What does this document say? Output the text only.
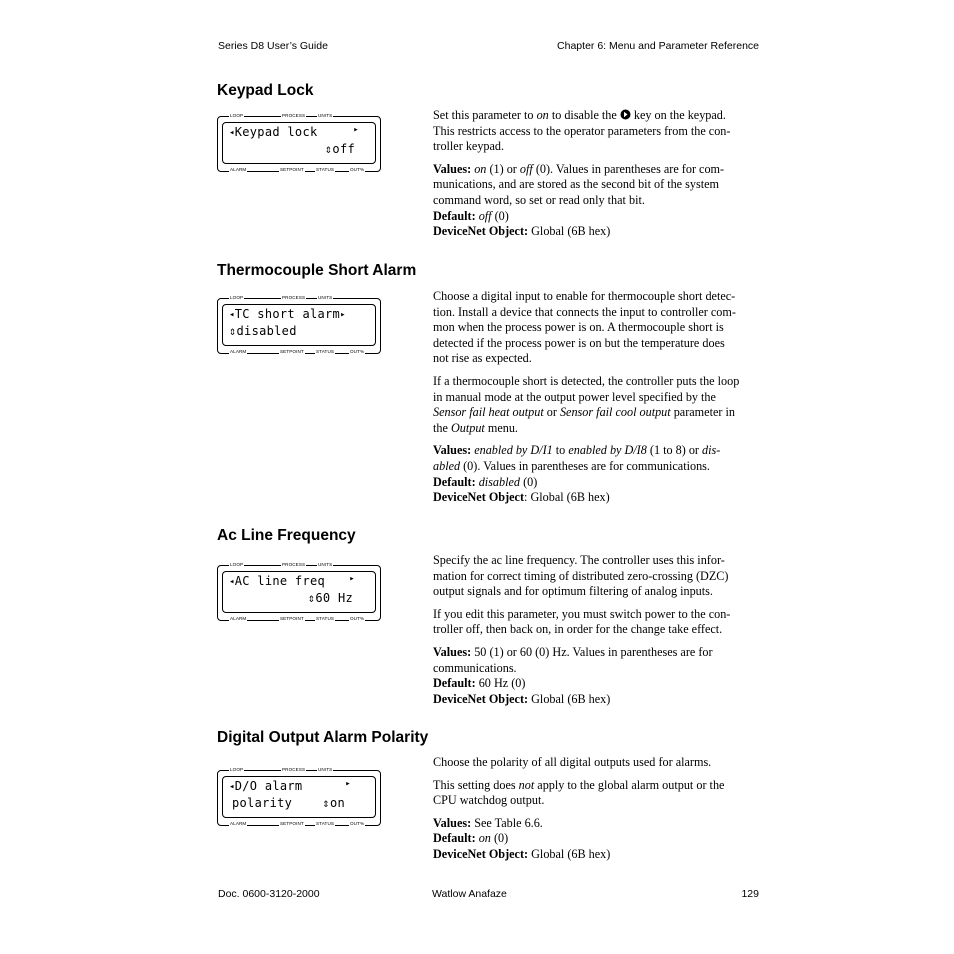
Series D8 User’s Guide	Chapter 6: Menu and Parameter Reference
Keypad Lock
LOOP	PROCESS	UNITS
ALARM	SETPOINT	STATUS	OUT%
◂Keypad lock	▸
⇕off

Set this parameter to on to disable the  key on the keypad.
This restricts access to the operator parameters from the con-
troller keypad.

Values: on (1) or off (0). Values in parentheses are for com-
munications, and are stored as the second bit of the system
command word, so set or read only that bit.
Default: off (0)
DeviceNet Object: Global (6B hex)
Thermocouple Short Alarm
LOOP	PROCESS	UNITS
ALARM	SETPOINT	STATUS	OUT%
◂TC short alarm▸
⇕disabled

Choose a digital input to enable for thermocouple short detec-
tion. Install a device that connects the input to controller com-
mon when the process power is on. A thermocouple short is
detected if the process power is on but the temperature does
not rise as expected.

If a thermocouple short is detected, the controller puts the loop
in manual mode at the output power level specified by the
Sensor fail heat output or Sensor fail cool output parameter in
the Output menu.

Values: enabled by D/I1 to enabled by D/I8 (1 to 8) or dis-
abled (0). Values in parentheses are for communications.
Default: disabled (0)
DeviceNet Object: Global (6B hex)
Ac Line Frequency
LOOP	PROCESS	UNITS
ALARM	SETPOINT	STATUS	OUT%
◂AC line freq	▸
⇕60 Hz

Specify the ac line frequency. The controller uses this infor-
mation for correct timing of distributed zero-crossing (DZC)
output signals and for optimum filtering of analog inputs.

If you edit this parameter, you must switch power to the con-
troller off, then back on, in order for the change take effect.

Values: 50 (1) or 60 (0) Hz. Values in parentheses are for
communications.
Default: 60 Hz (0)
DeviceNet Object: Global (6B hex)
Digital Output Alarm Polarity
LOOP	PROCESS	UNITS
ALARM	SETPOINT	STATUS	OUT%
◂D/O alarm	▸
polarity	⇕on

Choose the polarity of all digital outputs used for alarms.

This setting does not apply to the global alarm output or the
CPU watchdog output.

Values: See Table 6.6.
Default: on (0)
DeviceNet Object: Global (6B hex)
Doc. 0600-3120-2000	Watlow Anafaze	129
